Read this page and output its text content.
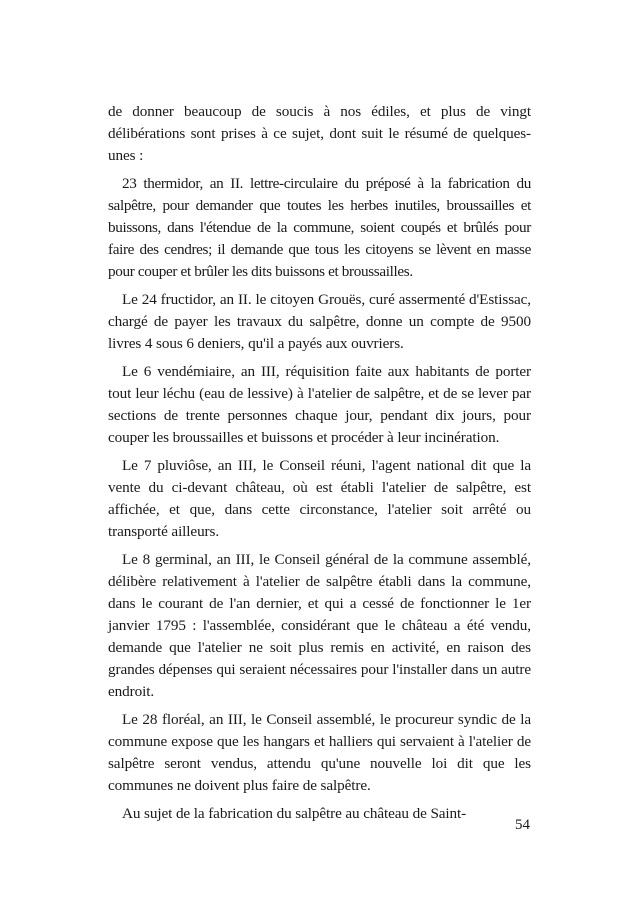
de donner beaucoup de soucis à nos édiles, et plus de vingt délibérations sont prises à ce sujet, dont suit le résumé de quelques-unes :

23 thermidor, an II. lettre-circulaire du préposé à la fabrication du salpêtre, pour demander que toutes les herbes inutiles, broussailles et buissons, dans l'étendue de la commune, soient coupés et brûlés pour faire des cendres; il demande que tous les citoyens se lèvent en masse pour couper et brûler les dits buissons et broussailles.

Le 24 fructidor, an II. le citoyen Grouës, curé assermenté d'Estissac, chargé de payer les travaux du salpêtre, donne un compte de 9500 livres 4 sous 6 deniers, qu'il a payés aux ouvriers.

Le 6 vendémiaire, an III, réquisition faite aux habitants de porter tout leur léchu (eau de lessive) à l'atelier de salpêtre, et de se lever par sections de trente personnes chaque jour, pendant dix jours, pour couper les broussailles et buissons et procéder à leur incinération.

Le 7 pluviôse, an III, le Conseil réuni, l'agent national dit que la vente du ci-devant château, où est établi l'atelier de salpêtre, est affichée, et que, dans cette circonstance, l'atelier soit arrêté ou transporté ailleurs.

Le 8 germinal, an III, le Conseil général de la commune assemblé, délibère relativement à l'atelier de salpêtre établi dans la commune, dans le courant de l'an dernier, et qui a cessé de fonctionner le 1er janvier 1795 : l'assemblée, considérant que le château a été vendu, demande que l'atelier ne soit plus remis en activité, en raison des grandes dépenses qui seraient nécessaires pour l'installer dans un autre endroit.

Le 28 floréal, an III, le Conseil assemblé, le procureur syndic de la commune expose que les hangars et halliers qui servaient à l'atelier de salpêtre seront vendus, attendu qu'une nouvelle loi dit que les communes ne doivent plus faire de salpêtre.

Au sujet de la fabrication du salpêtre au château de Saint-

54
